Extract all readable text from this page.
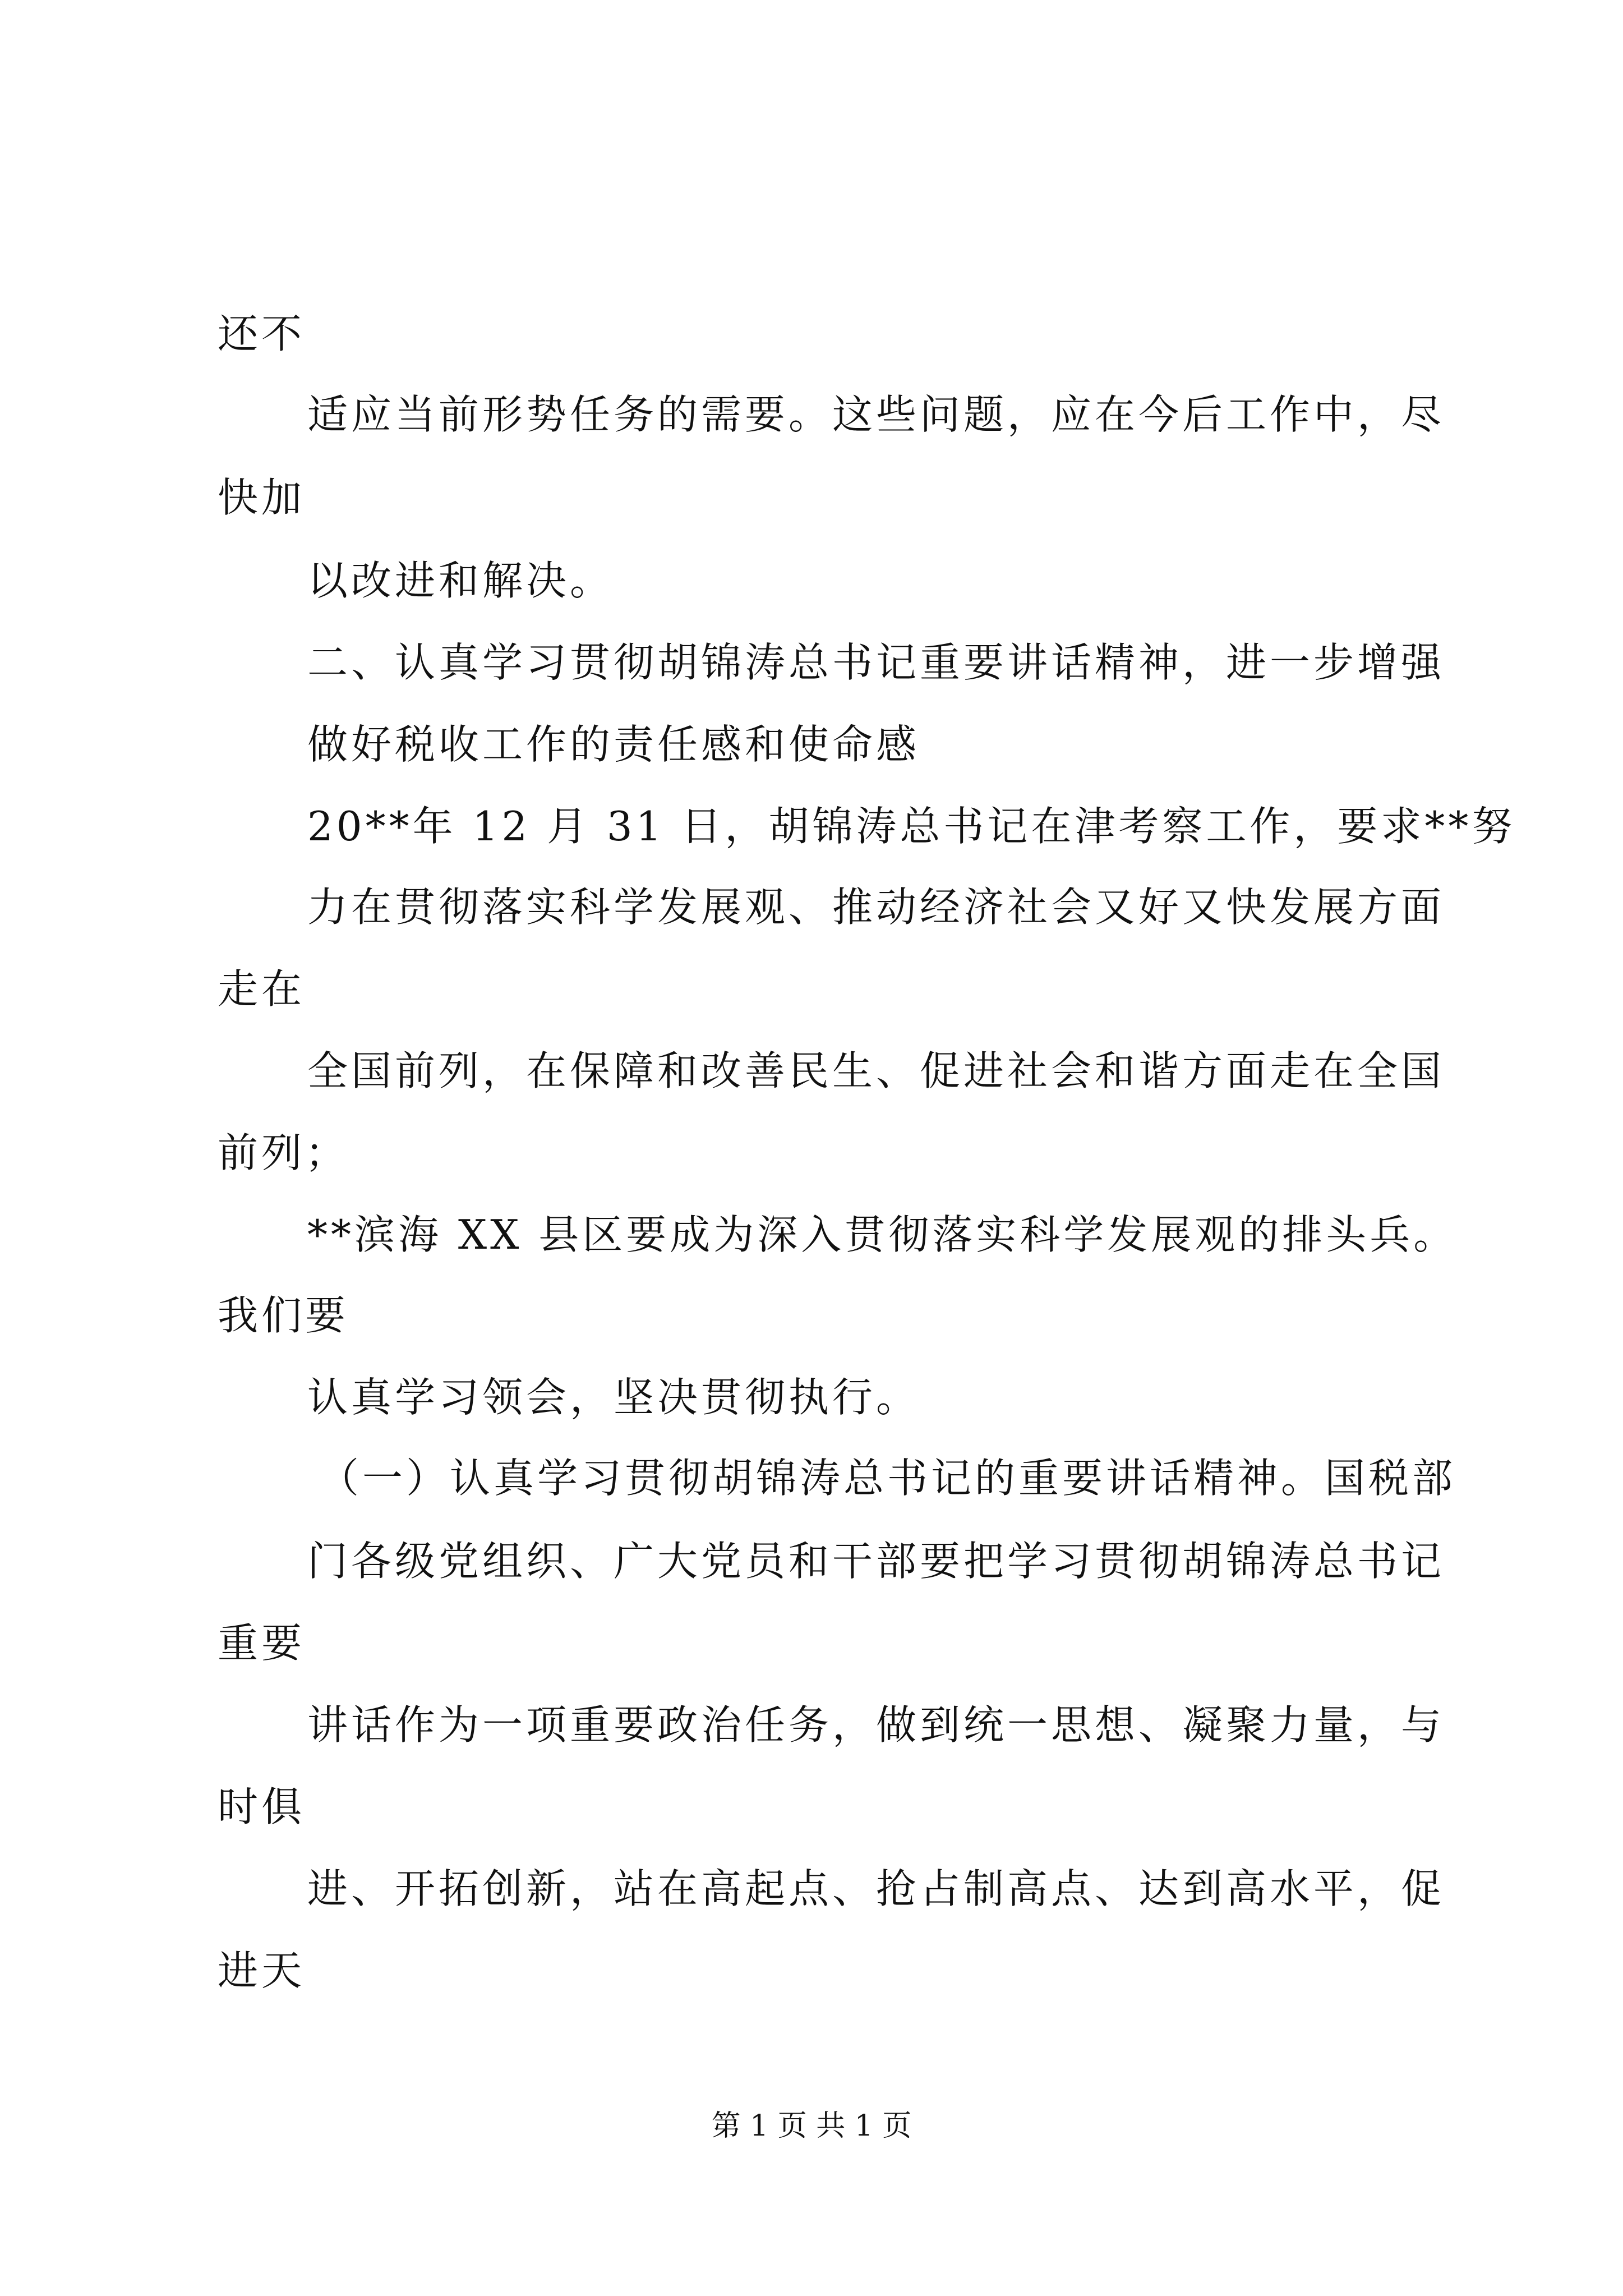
还不
适应当前形势任务的需要。这些问题，应在今后工作中，尽
快加
以改进和解决。
二、认真学习贯彻胡锦涛总书记重要讲话精神，进一步增强
做好税收工作的责任感和使命感
20**年 12 月 31 日，胡锦涛总书记在津考察工作，要求**努
力在贯彻落实科学发展观、推动经济社会又好又快发展方面
走在
全国前列，在保障和改善民生、促进社会和谐方面走在全国
前列；
**滨海 XX 县区要成为深入贯彻落实科学发展观的排头兵。
我们要
认真学习领会，坚决贯彻执行。
（一）认真学习贯彻胡锦涛总书记的重要讲话精神。国税部
门各级党组织、广大党员和干部要把学习贯彻胡锦涛总书记
重要
讲话作为一项重要政治任务，做到统一思想、凝聚力量，与
时俱
进、开拓创新，站在高起点、抢占制高点、达到高水平，促
进天
第 1 页 共 1 页
